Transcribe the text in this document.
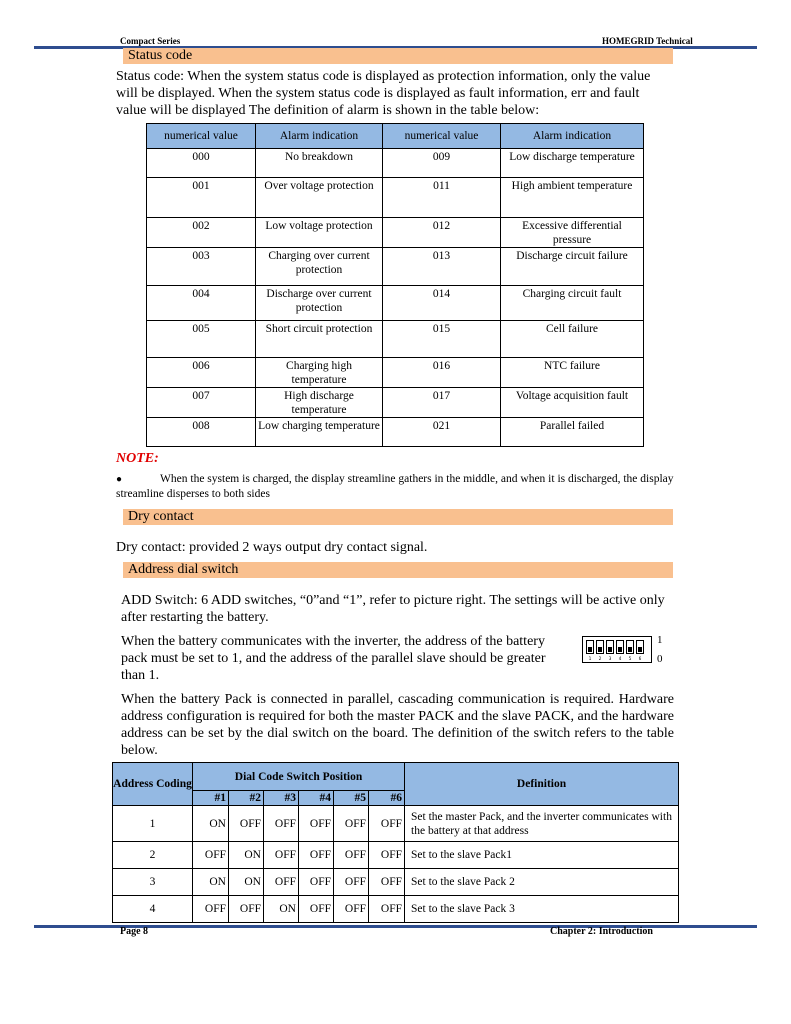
Compact Series	HOMEGRID Technical
Status code
Status code: When the system status code is displayed as protection information, only the value will be displayed. When the system status code is displayed as fault information, err and fault value will be displayed The definition of alarm is shown in the table below:
numerical value	Alarm indication	numerical value	Alarm indication
000	No breakdown	009	Low discharge temperature
001	Over voltage protection	011	High ambient temperature
002	Low voltage protection	012	Excessive differential pressure
003	Charging over current protection	013	Discharge circuit failure
004	Discharge over current protection	014	Charging circuit fault
005	Short circuit protection	015	Cell failure
006	Charging high temperature	016	NTC failure
007	High discharge temperature	017	Voltage acquisition fault
008	Low charging temperature	021	Parallel failed
NOTE:
●	When the system is charged, the display streamline gathers in the middle, and when it is discharged, the display streamline disperses to both sides
Dry contact
Dry contact: provided 2 ways output dry contact signal.
Address dial switch
ADD Switch: 6 ADD switches, “0”and “1”, refer to picture right. The settings will be active only after restarting the battery.
When the battery communicates with the inverter, the address of the battery pack must be set to 1, and the address of the parallel slave should be greater than 1.
1	2	3	4	5	6
1
0
When the battery Pack is connected in parallel, cascading communication is required. Hardware address configuration is required for both the master PACK and the slave PACK, and the hardware address can be set by the dial switch on the board. The definition of the switch refers to the table below.
Address Coding	Dial Code Switch Position						Definition
	#1	#2	#3	#4	#5	#6	
1	ON	OFF	OFF	OFF	OFF	OFF	Set the master Pack, and the inverter communicates with the battery at that address
2	OFF	ON	OFF	OFF	OFF	OFF	Set to the slave Pack1
3	ON	ON	OFF	OFF	OFF	OFF	Set to the slave Pack 2
4	OFF	OFF	ON	OFF	OFF	OFF	Set to the slave Pack 3
Page 8	Chapter 2: Introduction
